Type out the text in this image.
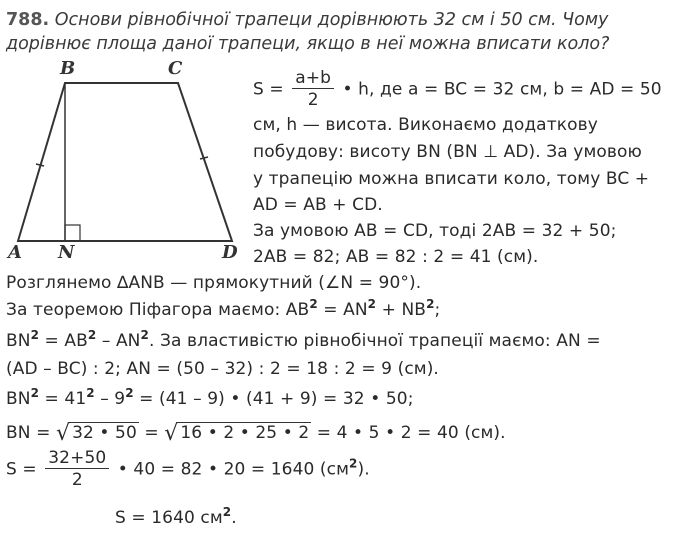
788. Основи рівнобічної трапеци дорівнюють 32 см і 50 см. Чому
дорівнює площа даної трапеци, якщо в неї можна вписати коло?
B	C
A N	D
$S = \frac{a+b}{2}$ • h, де a = BC = 32 см, b = AD = 50
см, h — висота. Виконаємо додаткову
побудову: висоту BN (BN ⊥ AD). За умовою
у трапецію можна вписати коло, тому BC +
AD = AB + CD.
За умовою AB = CD, тоді 2AB = 32 + 50;
2AB = 82; AB = 82 : 2 = 41 (см).
Розглянемо ∆ANB — прямокутний (∠N = 90°).
За теоремою Піфагора маємо: $AB^2 = AN^2 + NB^2$;
$BN^2 = AB^2 - AN^2$. За властивістю рівнобічної трапеції маємо: AN =
(AD – BC) : 2; AN = (50 – 32) : 2 = 18 : 2 = 9 (см).
$BN^2 = 41^2 - 9^2 = (41 - 9)$ • (41 + 9) = 32 • 50;
BN = √ 32 • 50 = √ 16 • 2 • 25 • 2 = 4 • 5 • 2 = 40 (см).
$S = \frac{32+50}{2}$ • 40 = 82 • 20 = 1640 $(см^2)$.
S = 1640 $см^2$.
